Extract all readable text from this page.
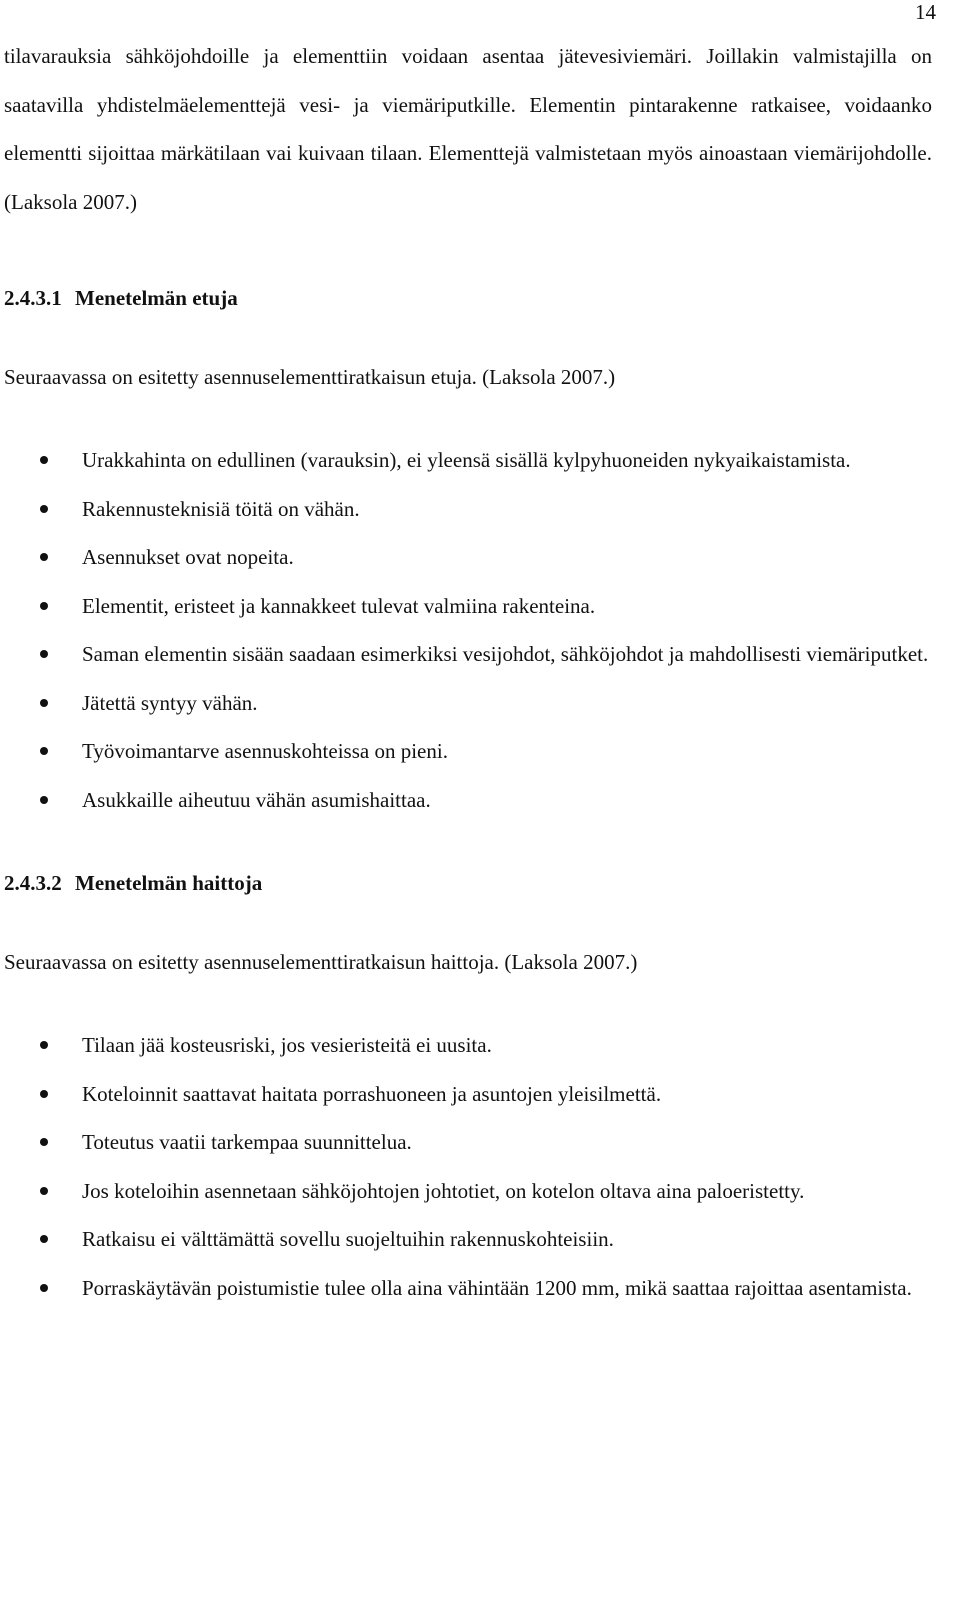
14

tilavarauksia sähköjohdoille ja elementtiin voidaan asentaa jätevesiviemäri. Joillakin valmistajilla on saatavilla yhdistelmäelementtejä vesi- ja viemäriputkille. Elementin pintarakenne ratkaisee, voidaanko elementti sijoittaa märkätilaan vai kuivaan tilaan. Elementtejä valmistetaan myös ainoastaan viemärijohdolle. (Laksola 2007.)

2.4.3.1 Menetelmän etuja

Seuraavassa on esitetty asennuselementtiratkaisun etuja. (Laksola 2007.)

Urakkahinta on edullinen (varauksin), ei yleensä sisällä kylpyhuoneiden nykyaikaistamista.
Rakennusteknisiä töitä on vähän.
Asennukset ovat nopeita.
Elementit, eristeet ja kannakkeet tulevat valmiina rakenteina.
Saman elementin sisään saadaan esimerkiksi vesijohdot, sähköjohdot ja mahdollisesti viemäriputket.
Jätettä syntyy vähän.
Työvoimantarve asennuskohteissa on pieni.
Asukkaille aiheutuu vähän asumishaittaa.

2.4.3.2 Menetelmän haittoja

Seuraavassa on esitetty asennuselementtiratkaisun haittoja. (Laksola 2007.)

Tilaan jää kosteusriski, jos vesieristeitä ei uusita.
Koteloinnit saattavat haitata porrashuoneen ja asuntojen yleisilmettä.
Toteutus vaatii tarkempaa suunnittelua.
Jos koteloihin asennetaan sähköjohtojen johtotiet, on kotelon oltava aina paloeristetty.
Ratkaisu ei välttämättä sovellu suojeltuihin rakennuskohteisiin.
Porraskäytävän poistumistie tulee olla aina vähintään 1200 mm, mikä saattaa rajoittaa asentamista.
